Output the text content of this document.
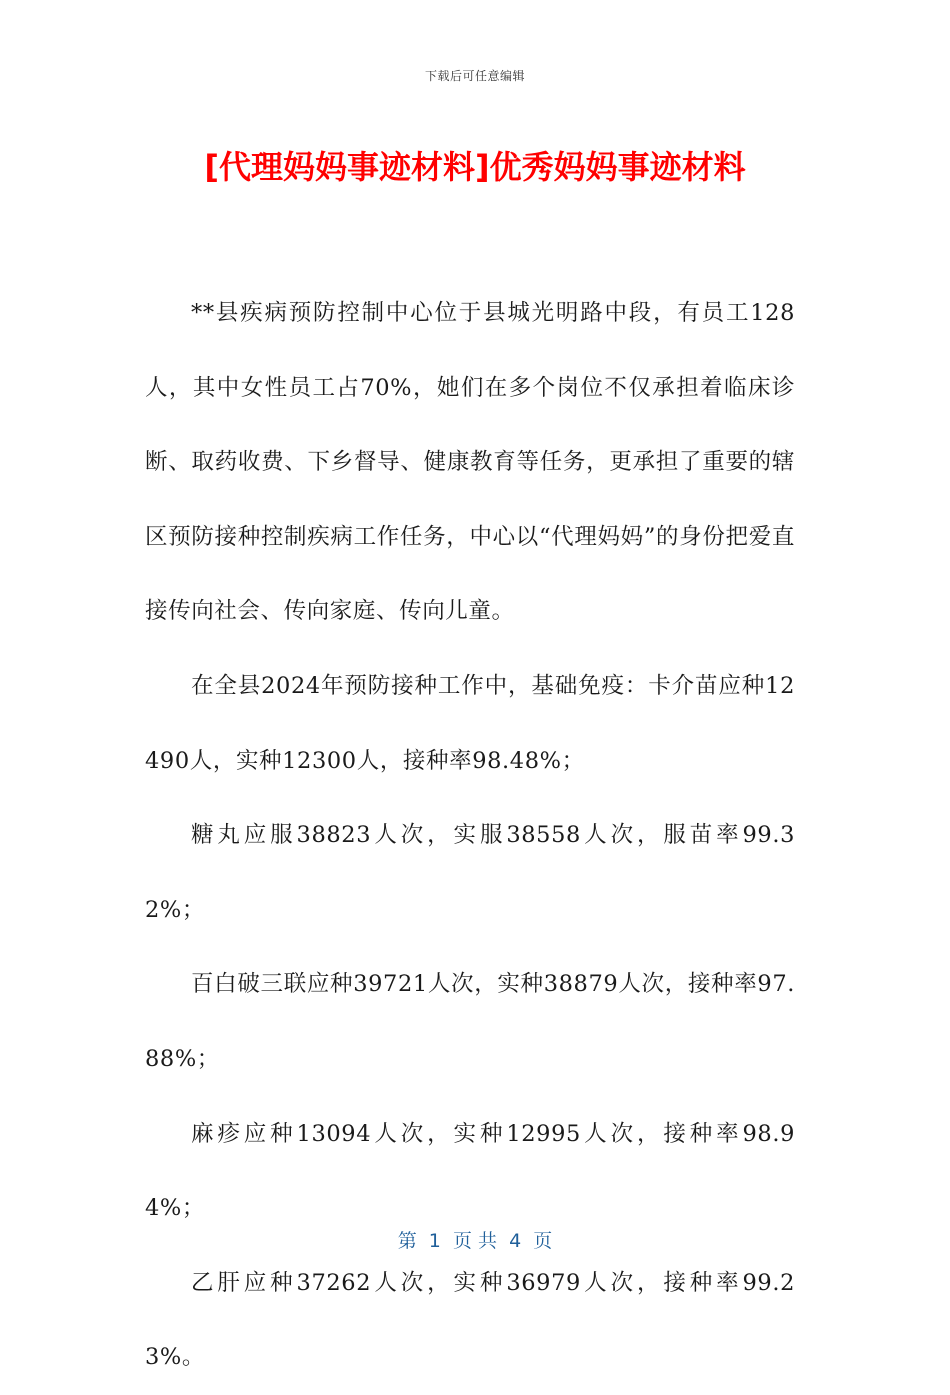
下载后可任意编辑
[代理妈妈事迹材料]优秀妈妈事迹材料

**县疾病预防控制中心位于县城光明路中段，有员工128人，其中女性员工占70%，她们在多个岗位不仅承担着临床诊断、取药收费、下乡督导、健康教育等任务，更承担了重要的辖区预防接种控制疾病工作任务，中心以“代理妈妈”的身份把爱直接传向社会、传向家庭、传向儿童。

在全县2024年预防接种工作中，基础免疫：卡介苗应种12490人，实种12300人，接种率98.48%；

糖丸应服38823人次，实服38558人次，服苗率99.32%；

百白破三联应种39721人次，实种38879人次，接种率97.88%；

麻疹应种13094人次，实种12995人次，接种率98.94%；

乙肝应种37262人次，实种36979人次，接种率99.23%。

第  1  页 共  4  页
